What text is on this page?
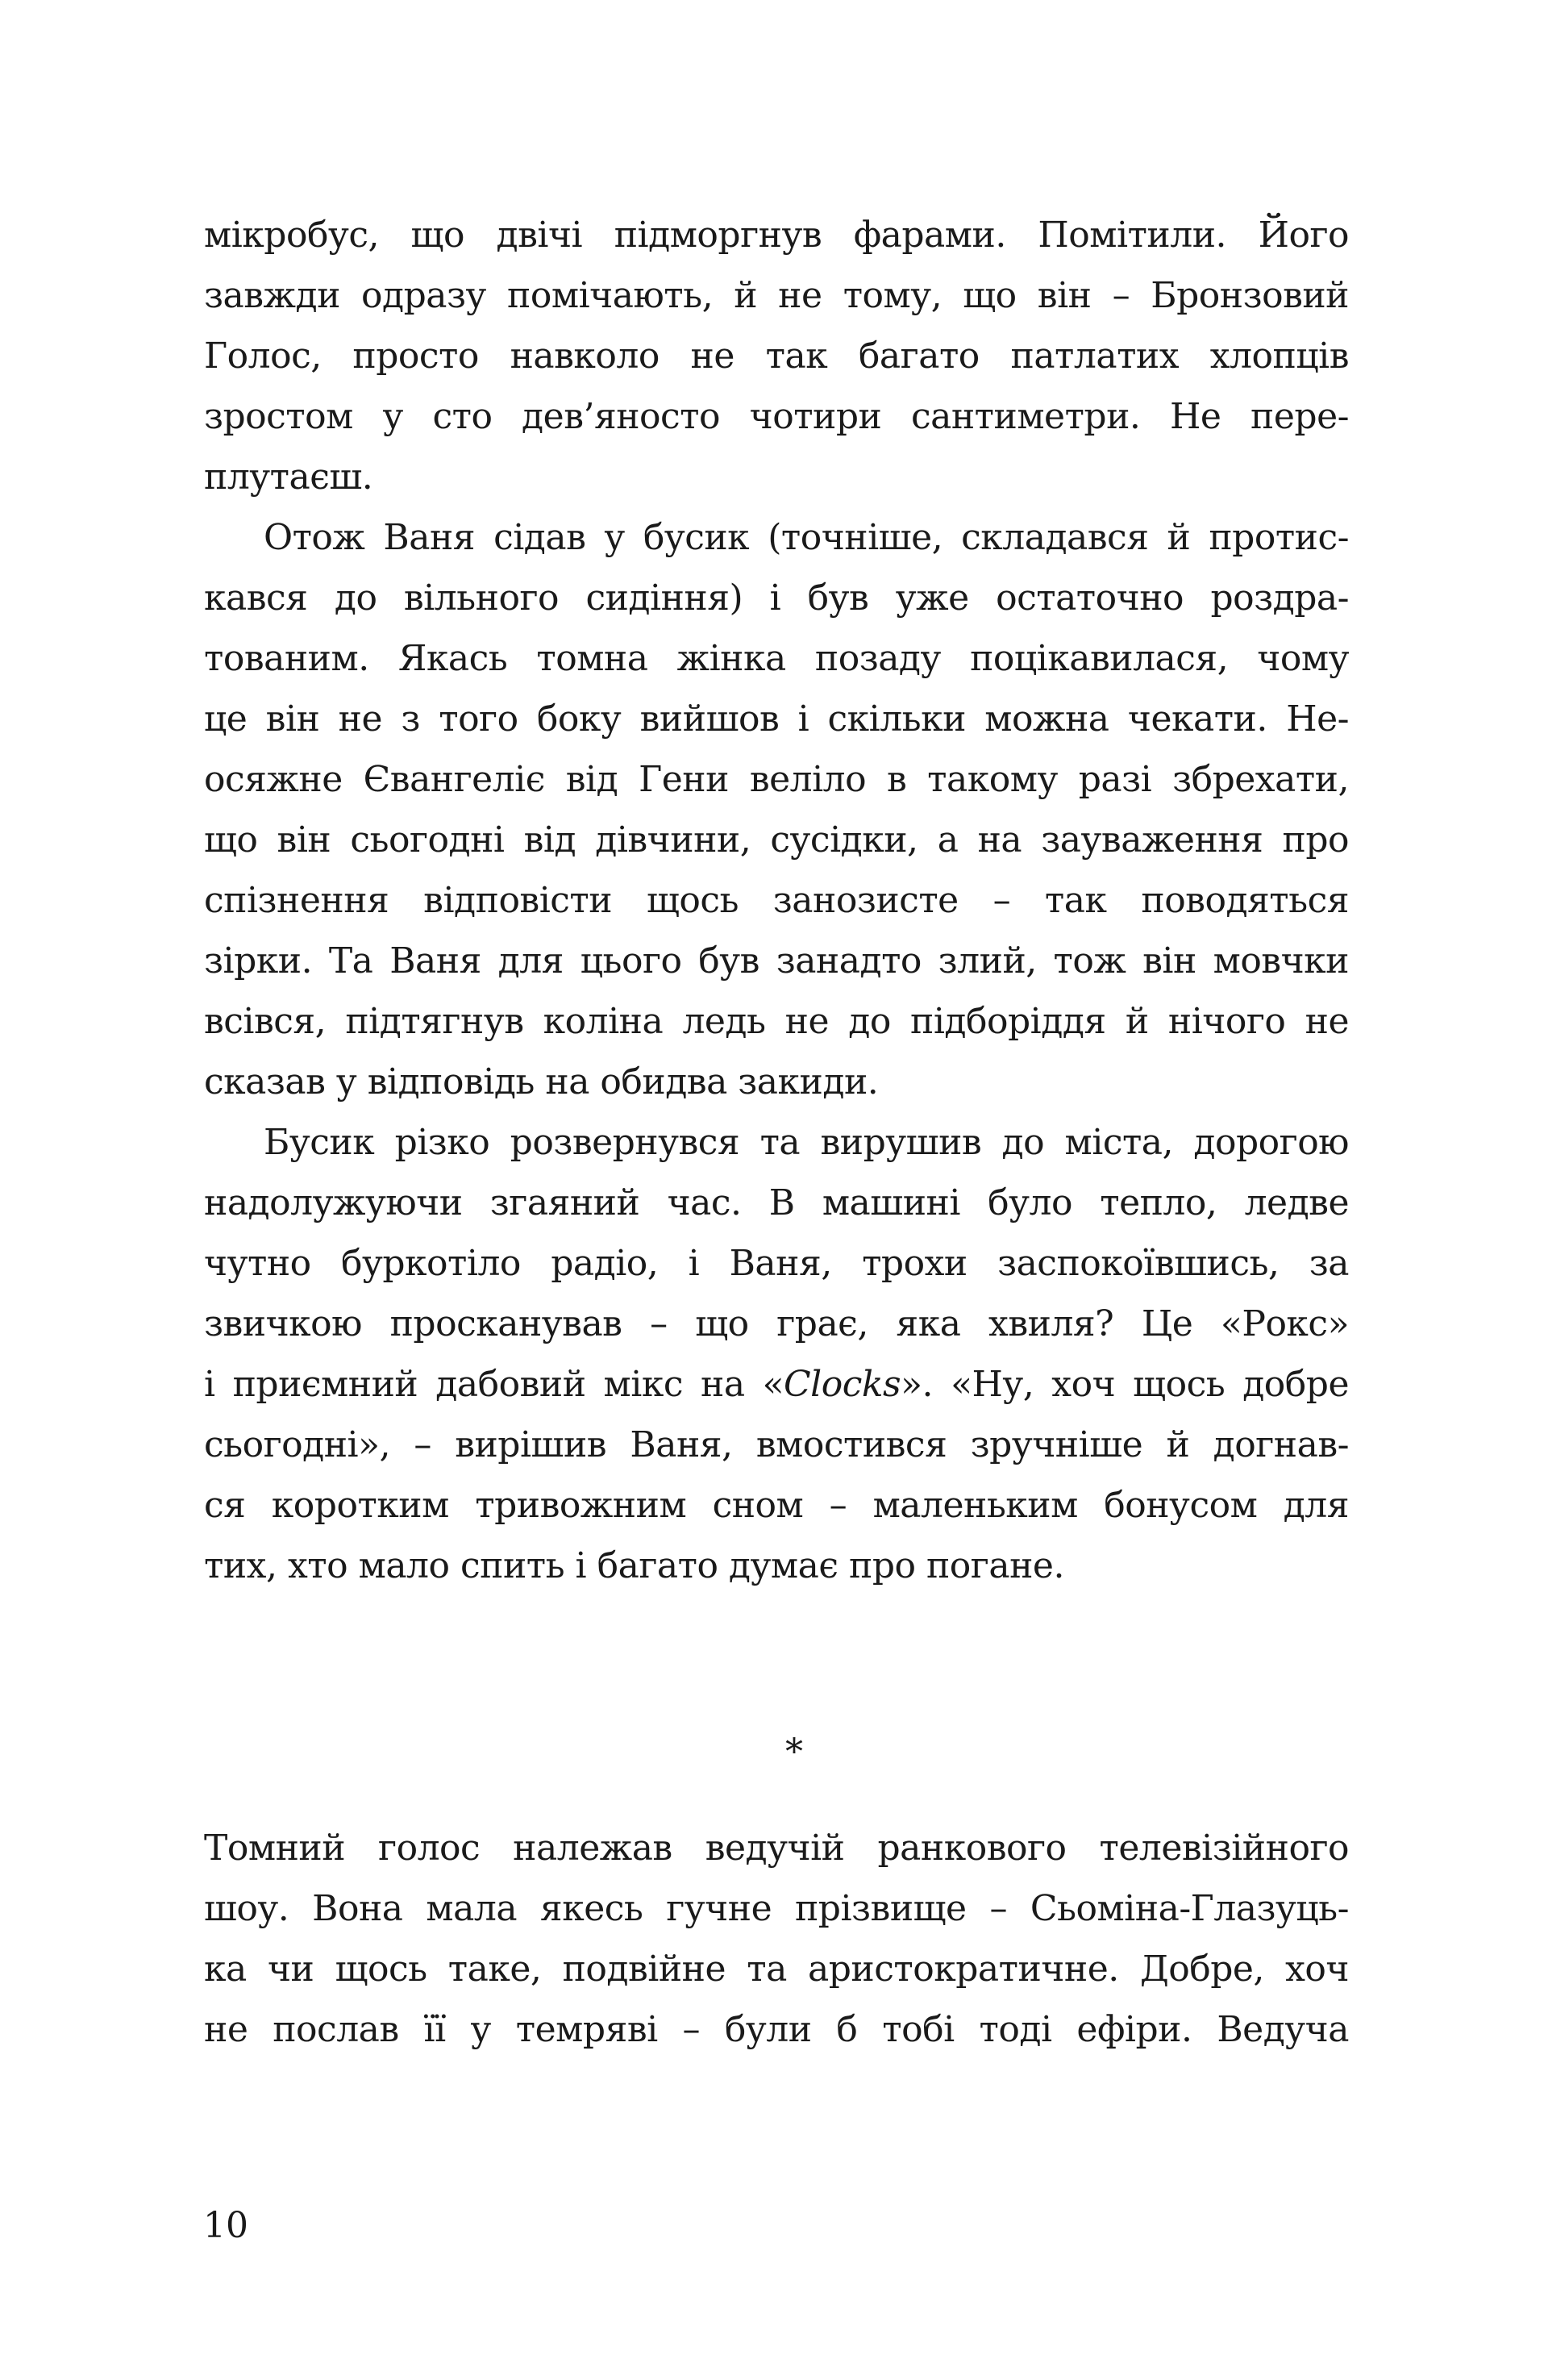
мікробус, що двічі підморгнув фарами. Помітили. Його
завжди одразу помічають, й не тому, що він – Бронзовий
Голос, просто навколо не так багато патлатих хлопців
зростом у сто дев’яносто чотири сантиметри. Не пере-
плутаєш.
Отож Ваня сідав у бусик (точніше, складався й протис-
кався до вільного сидіння) і був уже остаточно роздра-
тованим. Якась томна жінка позаду поцікавилася, чому
це він не з того боку вийшов і скільки можна чекати. Не-
осяжне Євангеліє від Гени веліло в такому разі збрехати,
що він сьогодні від дівчини, сусідки, а на зауваження про
спізнення відповісти щось занозисте – так поводяться
зірки. Та Ваня для цього був занадто злий, тож він мовчки
всівся, підтягнув коліна ледь не до підборіддя й нічого не
сказав у відповідь на обидва закиди.
Бусик різко розвернувся та вирушив до міста, дорогою
надолужуючи згаяний час. В машині було тепло, ледве
чутно буркотіло радіо, і Ваня, трохи заспокоївшись, за
звичкою просканував – що грає, яка хвиля? Це «Рокс»
і приємний дабовий мікс на «Clocks». «Ну, хоч щось добре
сьогодні», – вирішив Ваня, вмостився зручніше й догнав-
ся коротким тривожним сном – маленьким бонусом для
тих, хто мало спить і багато думає про погане.
*
Томний голос належав ведучій ранкового телевізійного
шоу. Вона мала якесь гучне прізвище – Сьоміна-Глазуць-
ка чи щось таке, подвійне та аристократичне. Добре, хоч
не послав її у темряві – були б тобі тоді ефіри. Ведуча
10
